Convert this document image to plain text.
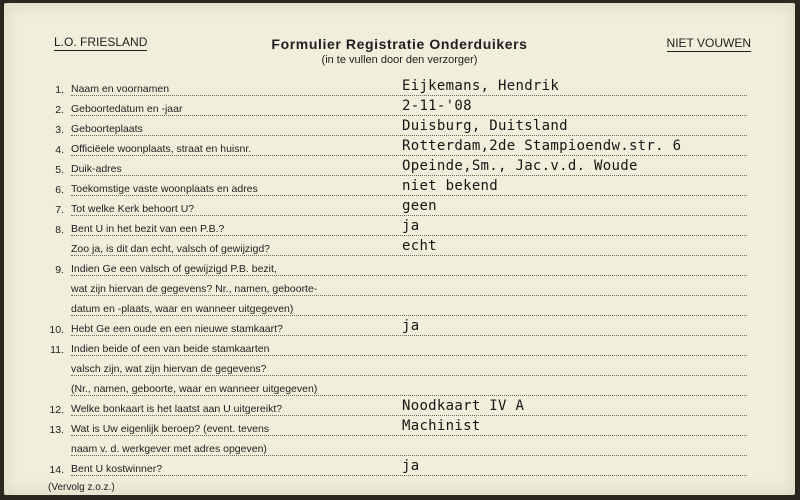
L.O. FRIESLAND	Formulier Registratie Onderduikers
(in te vullen door den verzorger)
NIET VOUWEN
1. Naam en voornamen	Eijkemans, Hendrik
2. Geboortedatum en -jaar	2-11-'08
3. Geboorteplaats	Duisburg, Duitsland
4. Officiëele woonplaats, straat en huisnr.	Rotterdam,2de Stampioendw.str. 6
5. Duik-adres	Opeinde,Sm., Jac.v.d. Woude
6. Toekomstige vaste woonplaats en adres	niet bekend
7. Tot welke Kerk behoort U?	geen
8. Bent U in het bezit van een P.B.?	ja
Zoo ja, is dit dan echt, valsch of gewijzigd?	echt
9. Indien Ge een valsch of gewijzigd P.B. bezit,
wat zijn hiervan de gegevens? Nr., namen, geboorte-
datum en -plaats, waar en wanneer uitgegeven)
10. Hebt Ge een oude en een nieuwe stamkaart?	ja
11. Indien beide of een van beide stamkaarten
valsch zijn, wat zijn hiervan de gegevens?
(Nr., namen, geboorte, waar en wanneer uitgegeven)
12. Welke bonkaart is het laatst aan U uitgereikt?	Noodkaart IV A
13. Wat is Uw eigenlijk beroep? (event. tevens	Machinist
naam v. d. werkgever met adres opgeven)
14. Bent U kostwinner?	ja
(Vervolg z.o.z.)
